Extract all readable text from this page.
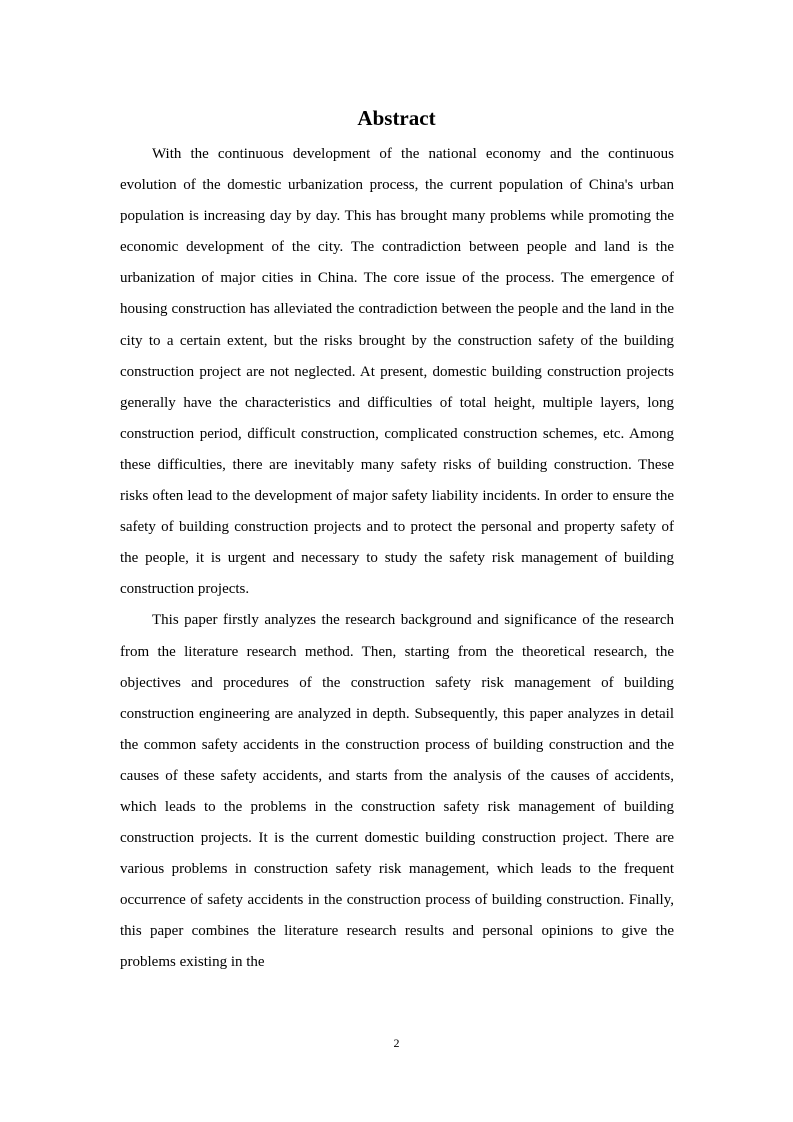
Abstract

With the continuous development of the national economy and the continuous evolution of the domestic urbanization process, the current population of China's urban population is increasing day by day. This has brought many problems while promoting the economic development of the city. The contradiction between people and land is the urbanization of major cities in China. The core issue of the process. The emergence of housing construction has alleviated the contradiction between the people and the land in the city to a certain extent, but the risks brought by the construction safety of the building construction project are not neglected. At present, domestic building construction projects generally have the characteristics and difficulties of total height, multiple layers, long construction period, difficult construction, complicated construction schemes, etc. Among these difficulties, there are inevitably many safety risks of building construction. These risks often lead to the development of major safety liability incidents. In order to ensure the safety of building construction projects and to protect the personal and property safety of the people, it is urgent and necessary to study the safety risk management of building construction projects.

This paper firstly analyzes the research background and significance of the research from the literature research method. Then, starting from the theoretical research, the objectives and procedures of the construction safety risk management of building construction engineering are analyzed in depth. Subsequently, this paper analyzes in detail the common safety accidents in the construction process of building construction and the causes of these safety accidents, and starts from the analysis of the causes of accidents, which leads to the problems in the construction safety risk management of building construction projects. It is the current domestic building construction project. There are various problems in construction safety risk management, which leads to the frequent occurrence of safety accidents in the construction process of building construction. Finally, this paper combines the literature research results and personal opinions to give the problems existing in the

2
